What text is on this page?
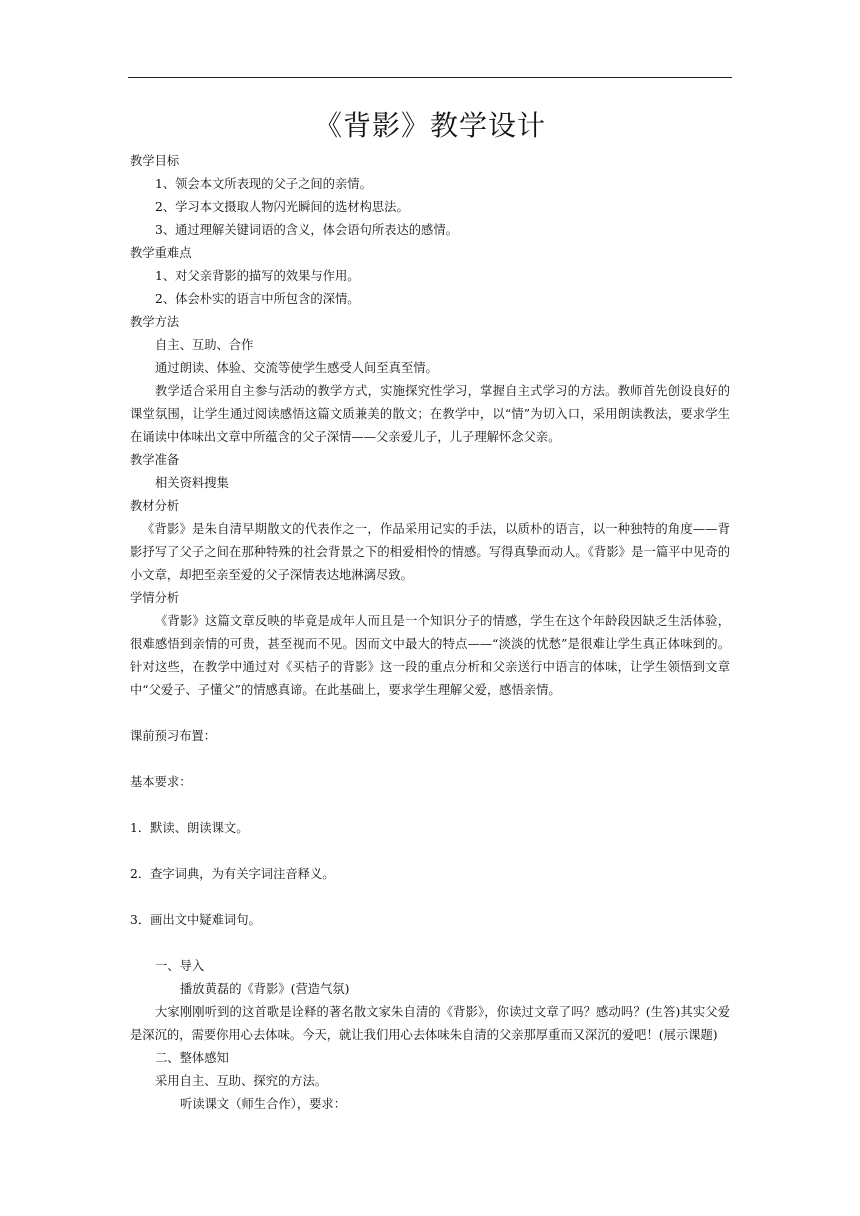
《背影》教学设计

教学目标

1、领会本文所表现的父子之间的亲情。

2、学习本文摄取人物闪光瞬间的选材构思法。

3、通过理解关键词语的含义，体会语句所表达的感情。

教学重难点

1、对父亲背影的描写的效果与作用。

2、体会朴实的语言中所包含的深情。

教学方法

自主、互助、合作

通过朗读、体验、交流等使学生感受人间至真至情。

教学适合采用自主参与活动的教学方式，实施探究性学习，掌握自主式学习的方法。教师首先创设良好的课堂氛围，让学生通过阅读感悟这篇文质兼美的散文；在教学中，以“情”为切入口，采用朗读教法，要求学生在诵读中体味出文章中所蕴含的父子深情——父亲爱儿子，儿子理解怀念父亲。

教学准备

相关资料搜集

教材分析

《背影》是朱自清早期散文的代表作之一，作品采用记实的手法，以质朴的语言，以一种独特的角度——背影抒写了父子之间在那种特殊的社会背景之下的相爱相怜的情感。写得真挚而动人。《背影》是一篇平中见奇的小文章，却把至亲至爱的父子深情表达地淋漓尽致。

学情分析

《背影》这篇文章反映的毕竟是成年人而且是一个知识分子的情感，学生在这个年龄段因缺乏生活体验，很难感悟到亲情的可贵，甚至视而不见。因而文中最大的特点——“淡淡的忧愁”是很难让学生真正体味到的。针对这些，在教学中通过对《买桔子的背影》这一段的重点分析和父亲送行中语言的体味，让学生领悟到文章中“父爱子、子懂父”的情感真谛。在此基础上，要求学生理解父爱，感悟亲情。

课前预习布置：

基本要求：

1．默读、朗读课文。

2．查字词典，为有关字词注音释义。

3．画出文中疑难词句。

一、导入

播放黄磊的《背影》(营造气氛)

大家刚刚听到的这首歌是诠释的著名散文家朱自清的《背影》，你读过文章了吗？感动吗？(生答)其实父爱是深沉的，需要你用心去体味。今天，就让我们用心去体味朱自清的父亲那厚重而又深沉的爱吧！(展示课题)

二、整体感知

采用自主、互助、探究的方法。

听读课文（师生合作），要求：
